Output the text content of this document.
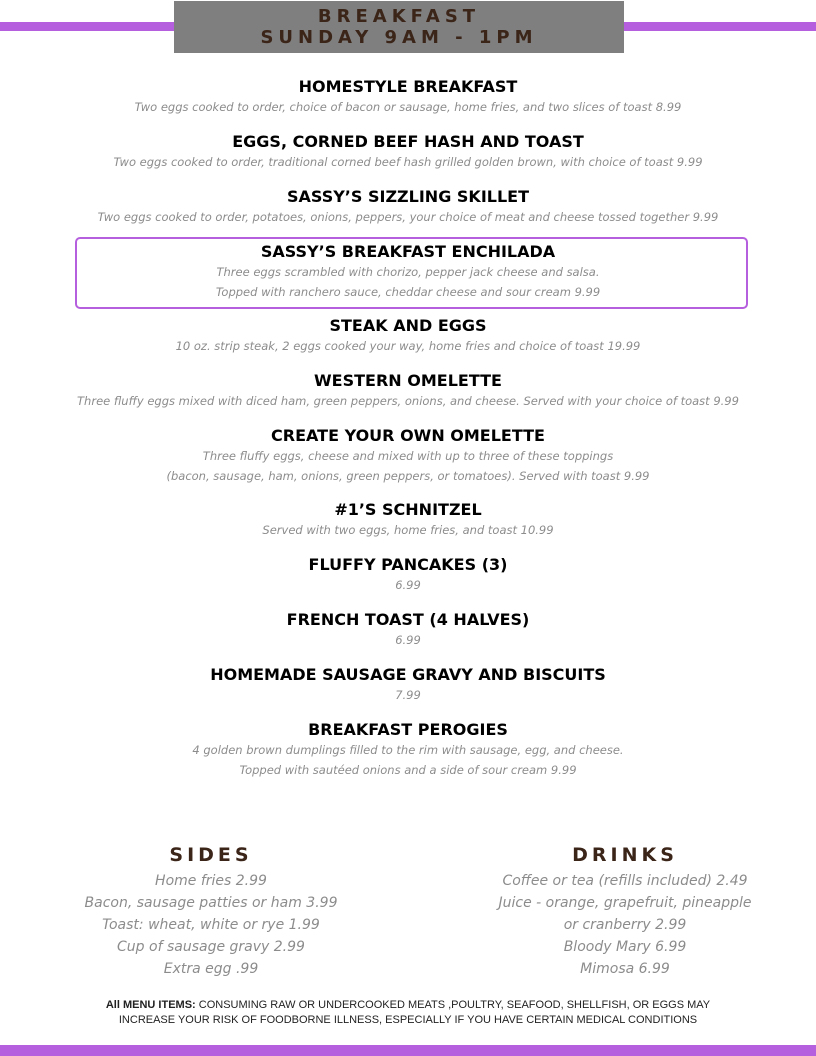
BREAKFAST
SUNDAY 9AM - 1PM
HOMESTYLE BREAKFAST
Two eggs cooked to order, choice of bacon or sausage, home fries, and two slices of toast 8.99
EGGS, CORNED BEEF HASH AND TOAST
Two eggs cooked to order, traditional corned beef hash grilled golden brown, with choice of toast 9.99
SASSY’S SIZZLING SKILLET
Two eggs cooked to order, potatoes, onions, peppers, your choice of meat and cheese tossed together 9.99
SASSY’S BREAKFAST ENCHILADA
Three eggs scrambled with chorizo, pepper jack cheese and salsa.
Topped with ranchero sauce, cheddar cheese and sour cream 9.99
STEAK AND EGGS
10 oz. strip steak, 2 eggs cooked your way, home fries and choice of toast 19.99
WESTERN OMELETTE
Three fluffy eggs mixed with diced ham, green peppers, onions, and cheese. Served with your choice of toast 9.99
CREATE YOUR OWN OMELETTE
Three fluffy eggs, cheese and mixed with up to three of these toppings
(bacon, sausage, ham, onions, green peppers, or tomatoes). Served with toast 9.99
#1’S SCHNITZEL
Served with two eggs, home fries, and toast 10.99
FLUFFY PANCAKES (3)
6.99
FRENCH TOAST (4 HALVES)
6.99
HOMEMADE SAUSAGE GRAVY AND BISCUITS
7.99
BREAKFAST PEROGIES
4 golden brown dumplings filled to the rim with sausage, egg, and cheese.
Topped with sautéed onions and a side of sour cream 9.99
SIDES
Home fries 2.99
Bacon, sausage patties or ham 3.99
Toast: wheat, white or rye 1.99
Cup of sausage gravy 2.99
Extra egg .99
DRINKS
Coffee or tea (refills included) 2.49
Juice - orange, grapefruit, pineapple
or cranberry 2.99
Bloody Mary 6.99
Mimosa 6.99
All MENU ITEMS: CONSUMING RAW OR UNDERCOOKED MEATS ,POULTRY, SEAFOOD, SHELLFISH, OR EGGS MAY
INCREASE YOUR RISK OF FOODBORNE ILLNESS, ESPECIALLY IF YOU HAVE CERTAIN MEDICAL CONDITIONS
